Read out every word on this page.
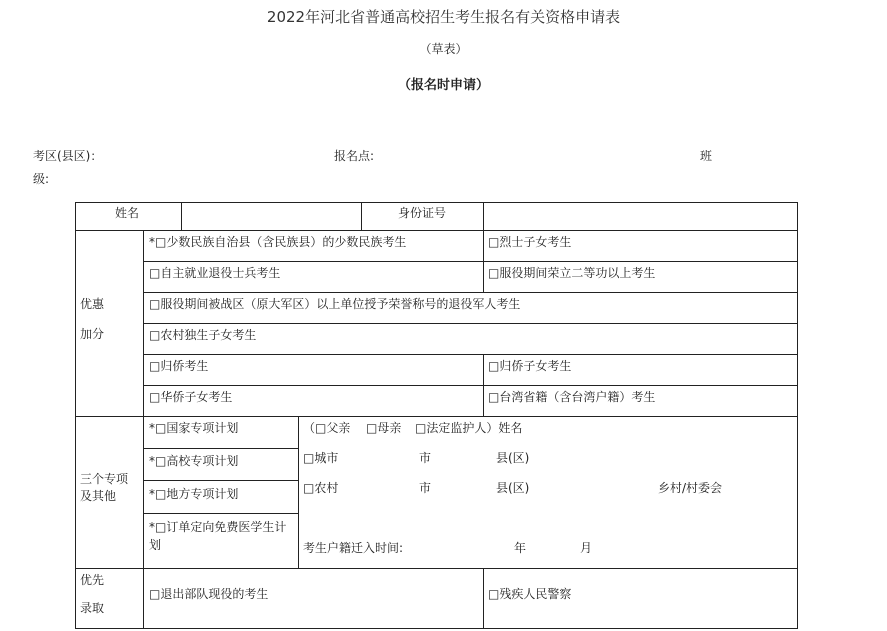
2022年河北省普通高校招生考生报名有关资格申请表
（草表）
（报名时申请）
考区(县区)：	报名点:	班
级:
姓名	身份证号
优惠
加分
*□少数民族自治县（含民族县）的少数民族考生	□烈士子女考生
□自主就业退役士兵考生	□服役期间荣立二等功以上考生
□服役期间被战区（原大军区）以上单位授予荣誉称号的退役军人考生
□农村独生子女考生
□归侨考生	□归侨子女考生
□华侨子女考生	□台湾省籍（含台湾户籍）考生
三个专项
及其他
*□国家专项计划
*□高校专项计划
*□地方专项计划
*□订单定向免费医学生计
划
（ □父亲 □母亲 □法定监护人）姓名
□城市	市	县(区)
□农村	市	县(区)	乡村/村委会
考生户籍迁入时间:	年	月
优先
录取
□退出部队现役的考生	□残疾人民警察
